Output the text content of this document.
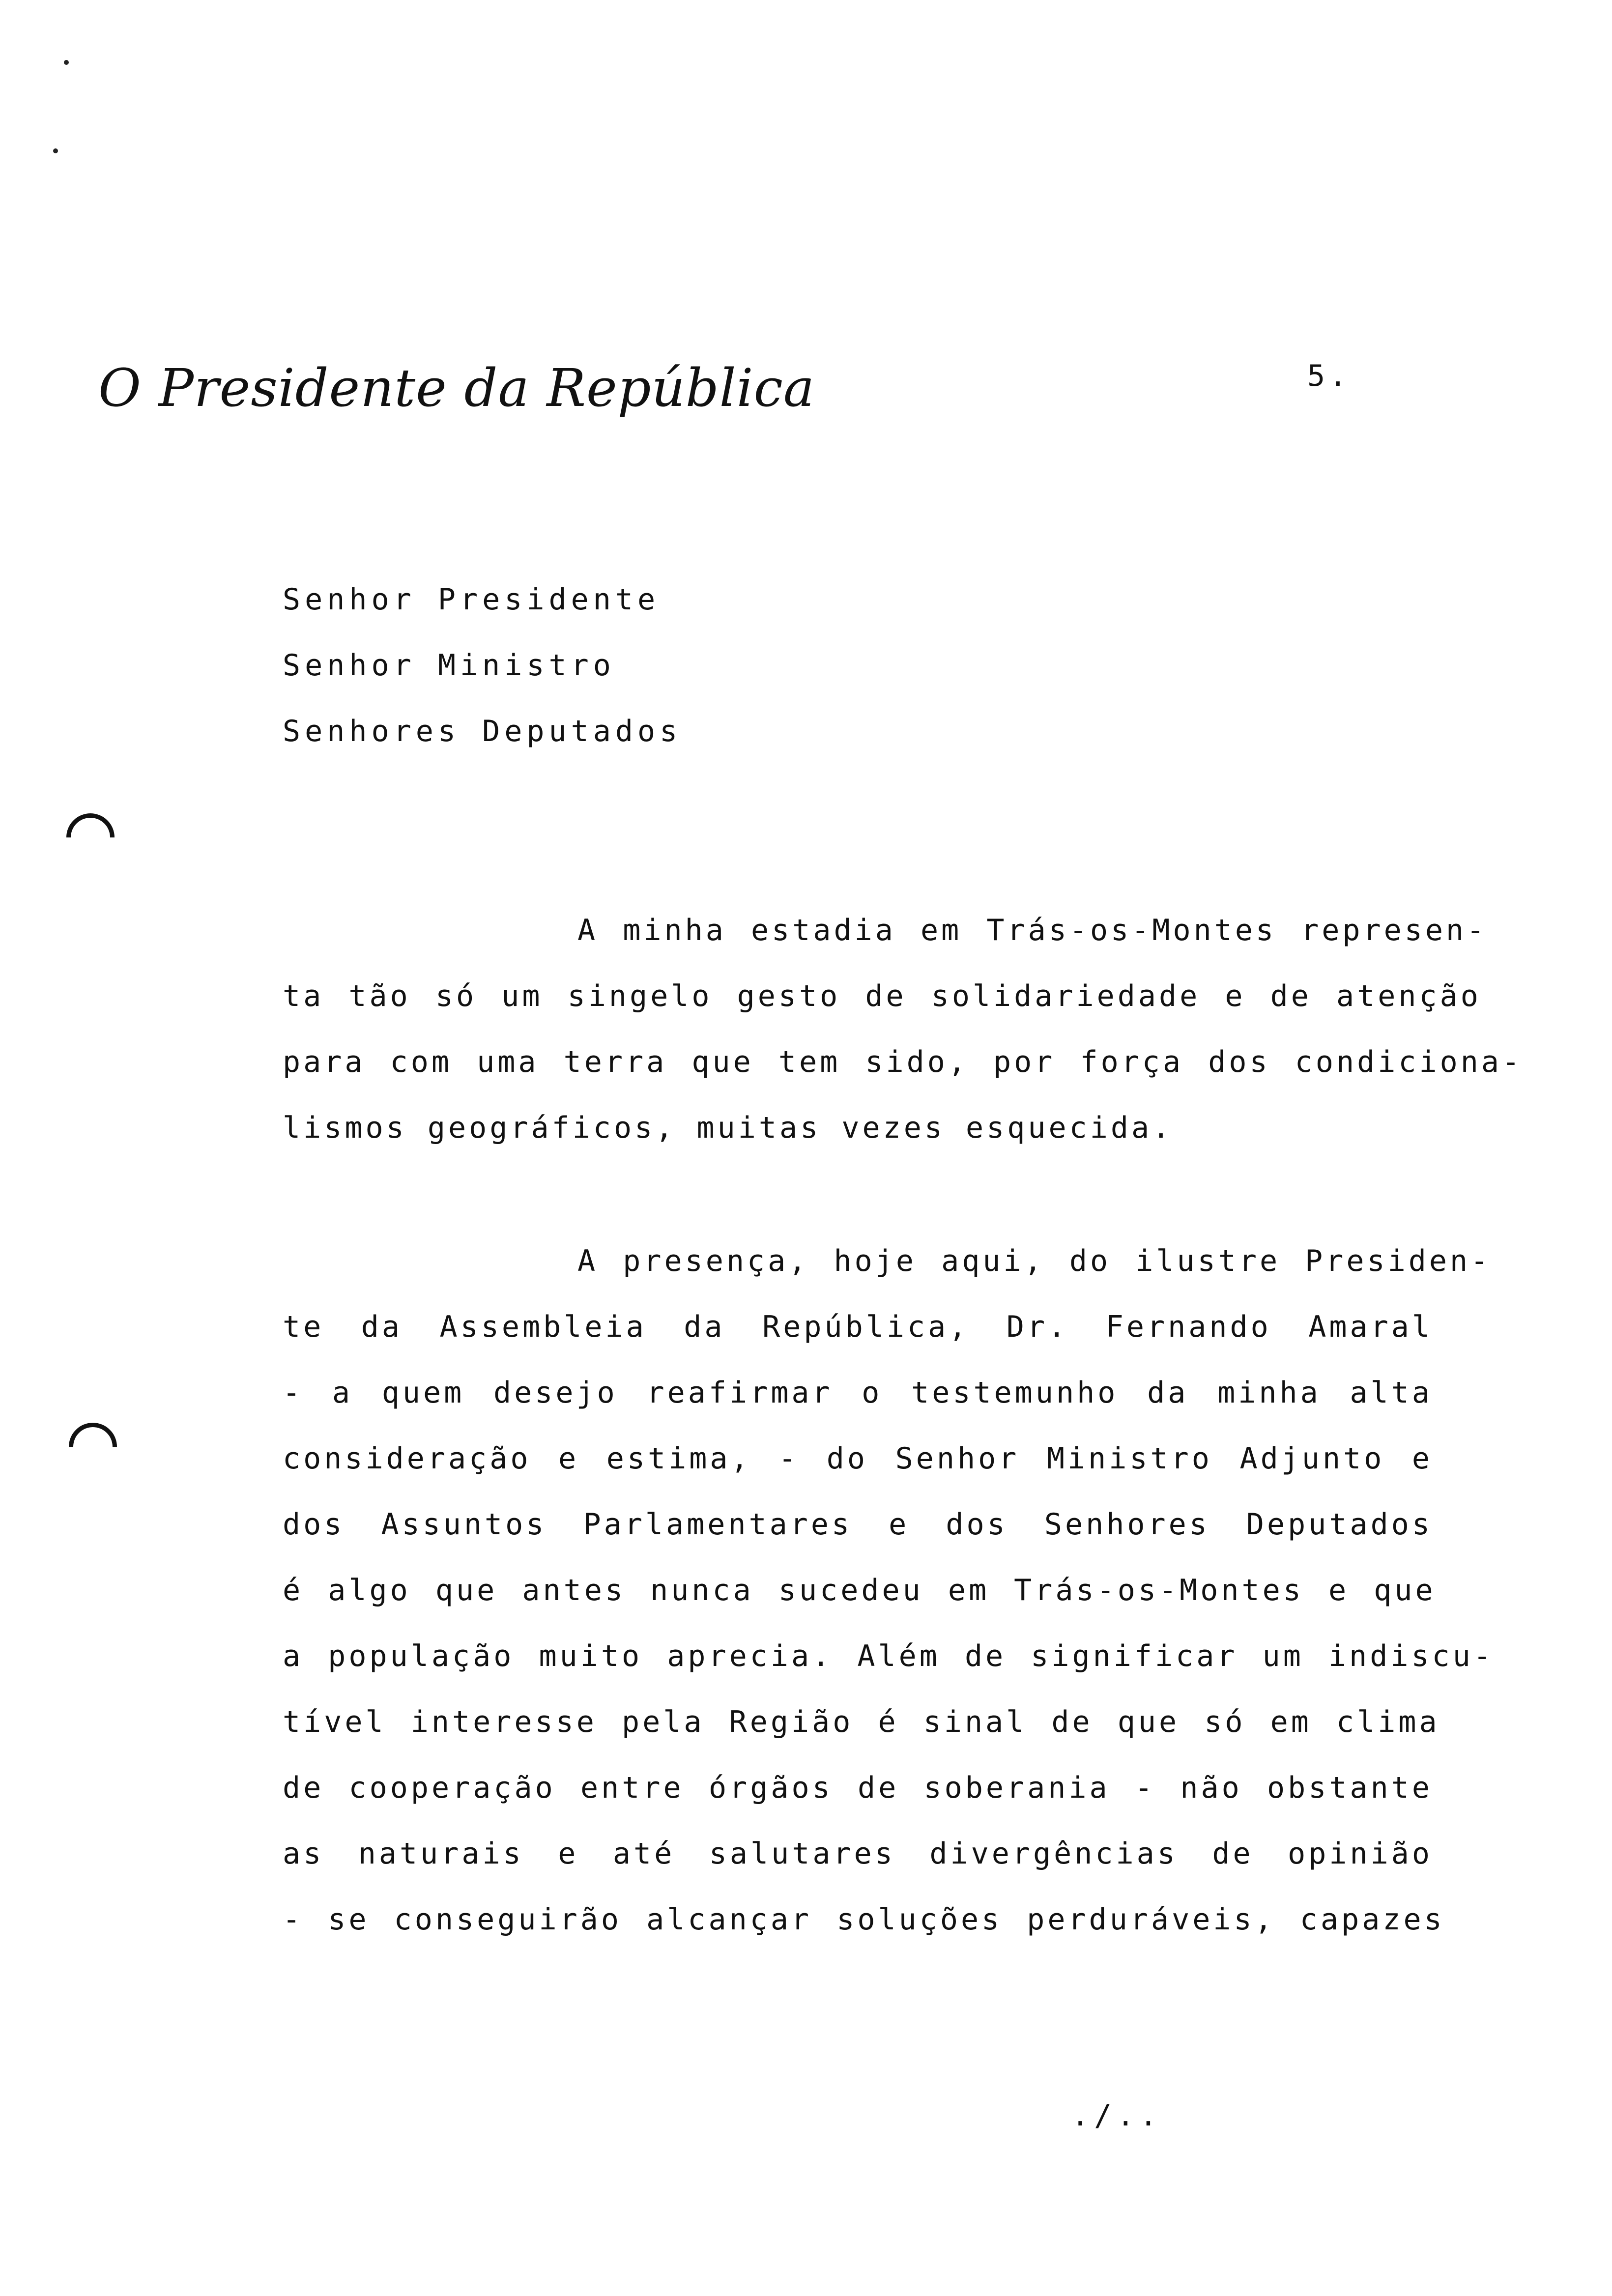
O Presidente da República	5.
Senhor Presidente
Senhor Ministro
Senhores Deputados
A minha estadia em Trás-os-Montes represen-
ta tão só um singelo gesto de solidariedade e de atenção
para com uma terra que tem sido, por força dos condiciona-
lismos geográficos, muitas vezes esquecida.
A presença, hoje aqui, do ilustre Presiden-
te da Assembleia da República, Dr. Fernando Amaral
- a quem desejo reafirmar o testemunho da minha alta
consideração e estima, - do Senhor Ministro Adjunto e
dos Assuntos Parlamentares e dos Senhores Deputados
é algo que antes nunca sucedeu em Trás-os-Montes e que
a população muito aprecia. Além de significar um indiscu-
tível interesse pela Região é sinal de que só em clima
de cooperação entre órgãos de soberania - não obstante
as naturais e até salutares divergências de opinião
- se conseguirão alcançar soluções perduráveis, capazes
./..
